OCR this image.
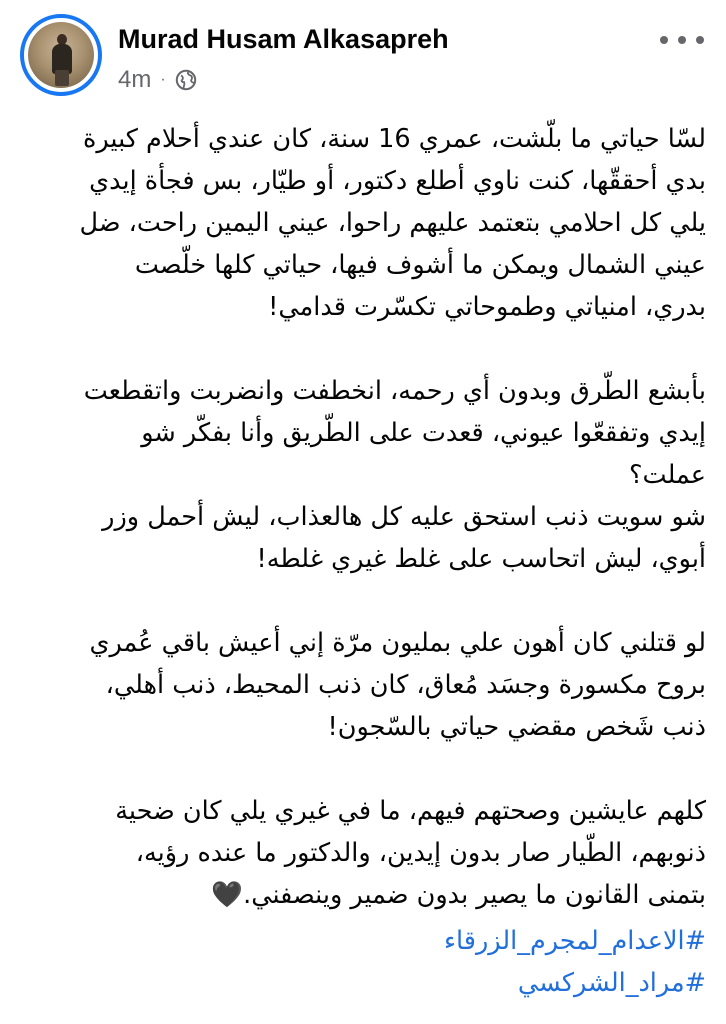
Murad Husam Alkasapreh
4m ·
لسّا حياتي ما بلّشت، عمري 16 سنة، كان عندي أحلام كبيرة
بدي أحققّها، كنت ناوي أطلع دكتور، أو طيّار، بس فجأة إيدي
يلي كل احلامي بتعتمد عليهم راحوا، عيني اليمين راحت، ضل
عيني الشمال ويمكن ما أشوف فيها، حياتي كلها خلّصت
بدري، امنياتي وطموحاتي تكسّرت قدامي!
بأبشع الطّرق وبدون أي رحمه، انخطفت وانضربت واتقطعت
إيدي وتفقعّوا عيوني، قعدت على الطّريق وأنا بفكّر شو
عملت؟
شو سويت ذنب استحق عليه كل هالعذاب، ليش أحمل وزر
أبوي، ليش اتحاسب على غلط غيري غلطه!
لو قتلني كان أهون علي بمليون مرّة إني أعيش باقي عُمري
بروح مكسورة وجسَد مُعاق، كان ذنب المحيط، ذنب أهلي،
ذنب شَخص مقضي حياتي بالسّجون!
كلهم عايشين وصحتهم فيهم، ما في غيري يلي كان ضحية
ذنوبهم، الطّيار صار بدون إيدين، والدكتور ما عنده رؤيه،
بتمنى القانون ما يصير بدون ضمير وينصفني.🖤
#الاعدام_لمجرم_الزرقاء
#مراد_الشركسي
